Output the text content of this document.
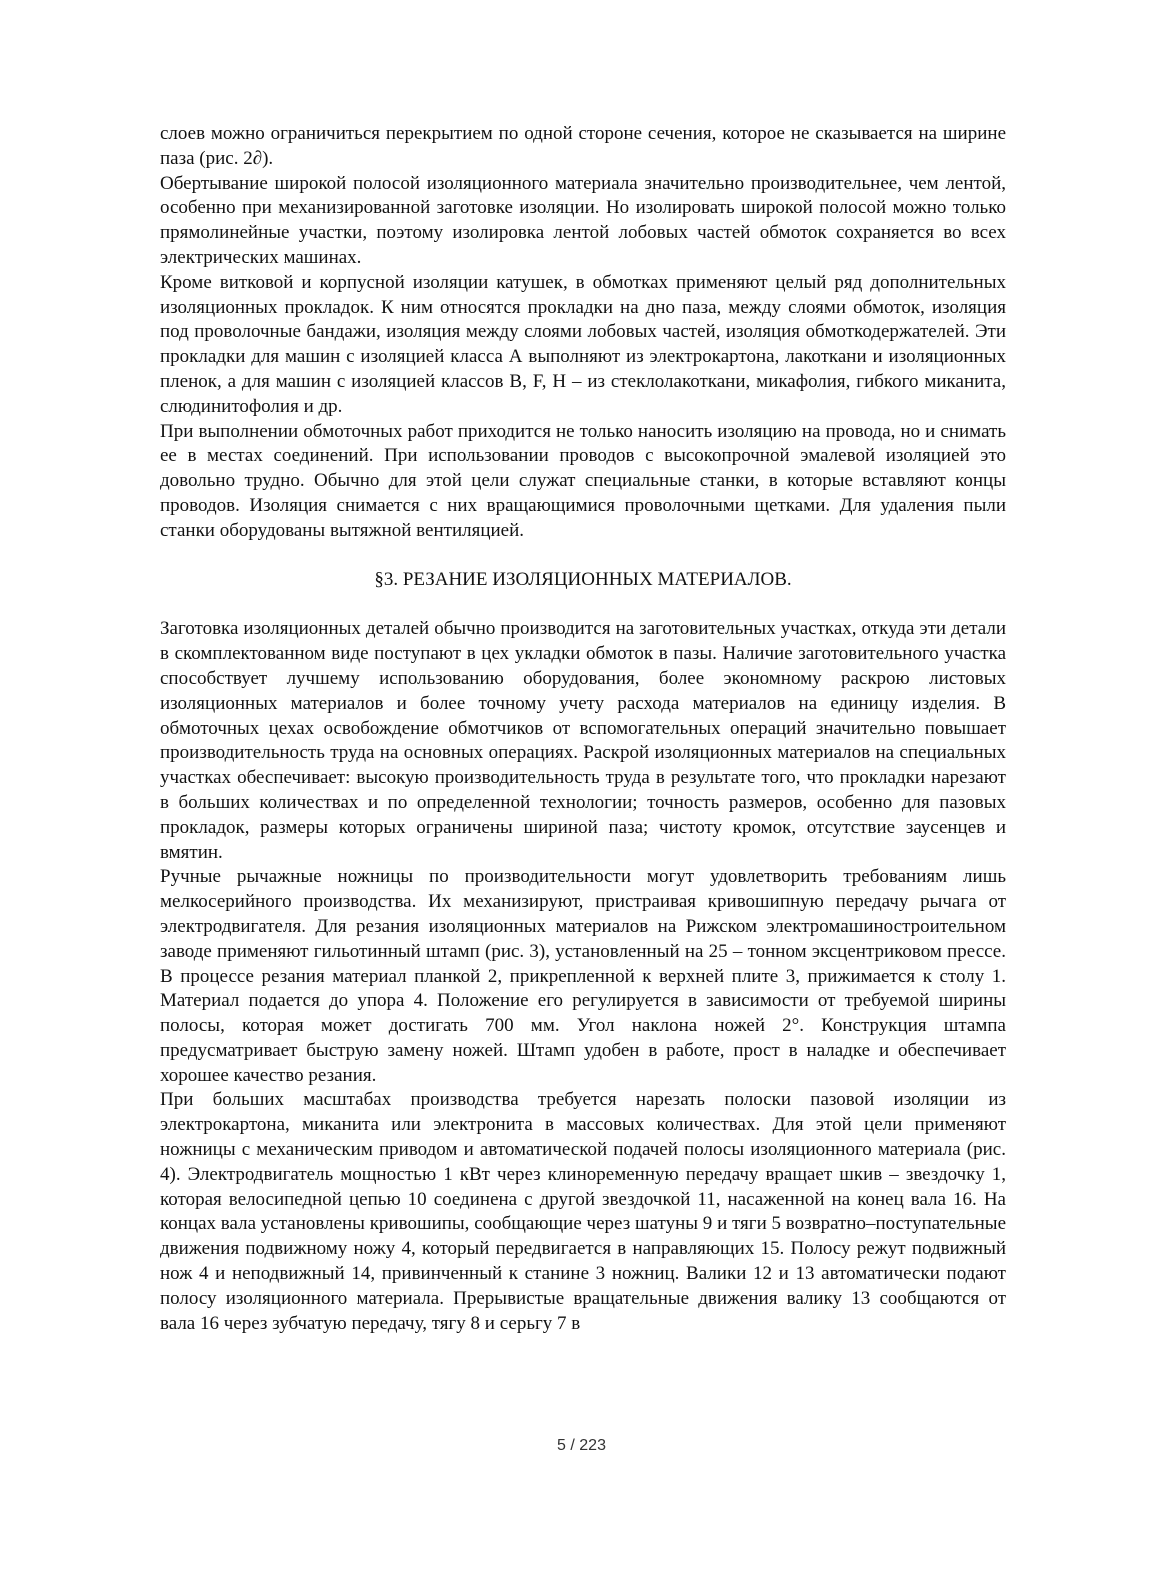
слоев можно ограничиться перекрытием по одной стороне сечения, которое не сказывается на ширине паза (рис. 2∂).

Обертывание широкой полосой изоляционного материала значительно производительнее, чем лентой, особенно при механизированной заготовке изоляции. Но изолировать широкой полосой можно только прямолинейные участки, поэтому изолировка лентой лобовых частей обмоток сохраняется во всех электрических машинах.

Кроме витковой и корпусной изоляции катушек, в обмотках применяют целый ряд дополнительных изоляционных прокладок. К ним относятся прокладки на дно паза, между слоями обмоток, изоляция под проволочные бандажи, изоляция между слоями лобовых частей, изоляция обмоткодержателей. Эти прокладки для машин с изоляцией класса А выполняют из электрокартона, лакоткани и изоляционных пленок, а для машин с изоляцией классов В, F, Н – из стеклолакоткани, микафолия, гибкого миканита, слюдинитофолия и др.

При выполнении обмоточных работ приходится не только наносить изоляцию на провода, но и снимать ее в местах соединений. При использовании проводов с высокопрочной эмалевой изоляцией это довольно трудно. Обычно для этой цели служат специальные станки, в которые вставляют концы проводов. Изоляция снимается с них вращающимися проволочными щетками. Для удаления пыли станки оборудованы вытяжной вентиляцией.

§3. РЕЗАНИЕ ИЗОЛЯЦИОННЫХ МАТЕРИАЛОВ.

Заготовка изоляционных деталей обычно производится на заготовительных участках, откуда эти детали в скомплектованном виде поступают в цех укладки обмоток в пазы. Наличие заготовительного участка способствует лучшему использованию оборудования, более экономному раскрою листовых изоляционных материалов и более точному учету расхода материалов на единицу изделия. В обмоточных цехах освобождение обмотчиков от вспомогательных операций значительно повышает производительность труда на основных операциях. Раскрой изоляционных материалов на специальных участках обеспечивает: высокую производительность труда в результате того, что прокладки нарезают в больших количествах и по определенной технологии; точность размеров, особенно для пазовых прокладок, размеры которых ограничены шириной паза; чистоту кромок, отсутствие заусенцев и вмятин.

Ручные рычажные ножницы по производительности могут удовлетворить требованиям лишь мелкосерийного производства. Их механизируют, пристраивая кривошипную передачу рычага от электродвигателя. Для резания изоляционных материалов на Рижском электромашиностроительном заводе применяют гильотинный штамп (рис. 3), установленный на 25 – тонном эксцентриковом прессе. В процессе резания материал планкой 2, прикрепленной к верхней плите 3, прижимается к столу 1. Материал подается до упора 4. Положение его регулируется в зависимости от требуемой ширины полосы, которая может достигать 700 мм. Угол наклона ножей 2°. Конструкция штампа предусматривает быструю замену ножей. Штамп удобен в работе, прост в наладке и обеспечивает хорошее качество резания.

При больших масштабах производства требуется нарезать полоски пазовой изоляции из электрокартона, миканита или электронита в массовых количествах. Для этой цели применяют ножницы с механическим приводом и автоматической подачей полосы изоляционного материала (рис. 4). Электродвигатель мощностью 1 кВт через клиноременную передачу вращает шкив – звездочку 1, которая велосипедной цепью 10 соединена с другой звездочкой 11, насаженной на конец вала 16. На концах вала установлены кривошипы, сообщающие через шатуны 9 и тяги 5 возвратно–поступательные движения подвижному ножу 4, который передвигается в направляющих 15. Полосу режут подвижный нож 4 и неподвижный 14, привинченный к станине 3 ножниц. Валики 12 и 13 автоматически подают полосу изоляционного материала. Прерывистые вращательные движения валику 13 сообщаются от вала 16 через зубчатую передачу, тягу 8 и серьгу 7 в

5 / 223
